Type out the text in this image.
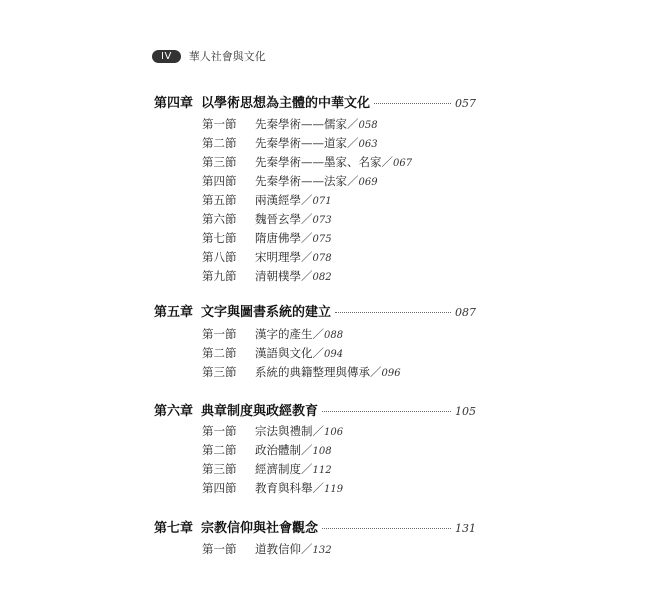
IV	華人社會與文化
第四章 以學術思想為主體的中華文化	057
第一節	先秦學術——儒家／ 058
第二節	先秦學術——道家／ 063
第三節	先秦學術——墨家、名家／ 067
第四節	先秦學術——法家／ 069
第五節	兩漢經學／ 071
第六節	魏晉玄學／ 073
第七節	隋唐佛學／ 075
第八節	宋明理學／ 078
第九節	清朝樸學／ 082
第五章 文字與圖書系統的建立	087
第一節	漢字的產生／ 088
第二節	漢語與文化／ 094
第三節	系統的典籍整理與傳承／ 096
第六章 典章制度與政經教育	105
第一節	宗法與禮制／ 106
第二節	政治體制／ 108
第三節	經濟制度／ 112
第四節	教育與科舉／ 119
第七章 宗教信仰與社會觀念	131
第一節	道教信仰／ 132
